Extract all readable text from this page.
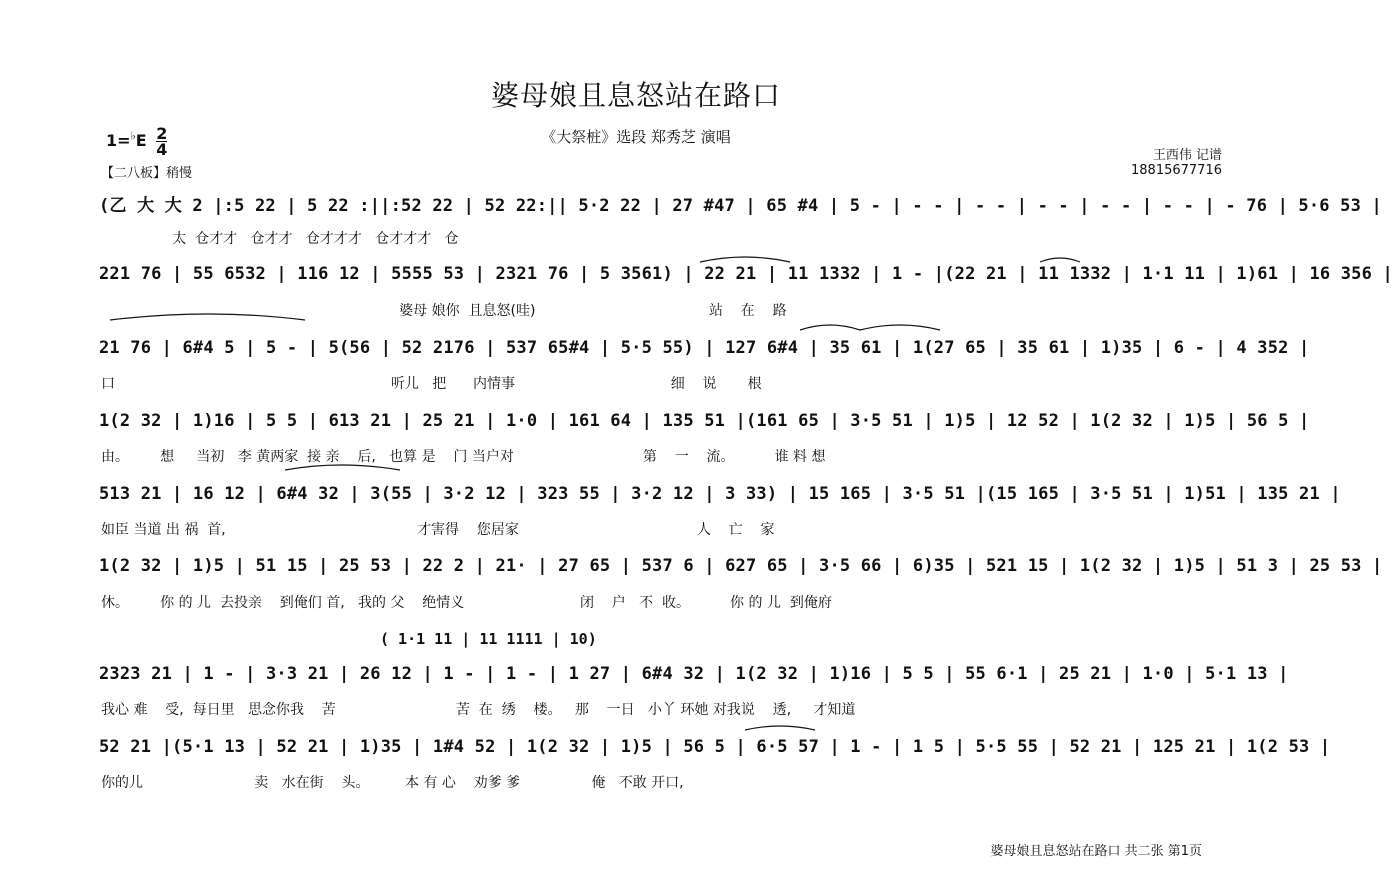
婆母娘且息怒站在路口
《大祭桩》选段 郑秀芝 演唱
$1=^♭E \frac{2}{4}$
【二八板】稍慢
王西伟 记谱
18815677716
(乙 大 大 2 |:5 22 | 5 22 :||:52 22 | 52 22:|| 5·2 22 | 27 #47 | 65 #4 | 5 - | - - | - - | - - | - - | - - | - 76 | 5·6 53 |
太  仓才才   仓才才   仓才才才   仓才才才   仓
221 76 | 55 6532 | 116 12 | 5555 53 | 2321 76 | 5 3561) | 22 21 | 11 1332 | 1 - |(22 21 | 11 1332 | 1·1 11 | 1)61 | 16 356 |
婆母 娘你  且息怒(哇)                                       站    在    路
21 76 | 6#4 5 | 5 - | 5(56 | 52 2176 | 537 65#4 | 5·5 55) | 127 6#4 | 35 61 | 1(27 65 | 35 61 | 1)35 | 6 - | 4 352 |
口                                                              听儿   把      内情事                                   细    说       根
1(2 32 | 1)16 | 5 5 | 613 21 | 25 21 | 1·0 | 161 64 | 135 51 |(161 65 | 3·5 51 | 1)5 | 12 52 | 1(2 32 | 1)5 | 56 5 |
由。       想     当初   李 黄两家  接 亲    后,   也算 是    门 当户对                             第    一    流。         谁 料 想
513 21 | 16 12 | 6#4 32 | 3(55 | 3·2 12 | 323 55 | 3·2 12 | 3 33) | 15 165 | 3·5 51 |(15 165 | 3·5 51 | 1)51 | 135 21 |
如臣 当道 出 祸  首,                                           才害得    您居家                                        人    亡    家
1(2 32 | 1)5 | 51 15 | 25 53 | 22 2 | 21· | 27 65 | 537 6 | 627 65 | 3·5 66 | 6)35 | 521 15 | 1(2 32 | 1)5 | 51 3 | 25 53 |
休。       你 的 儿  去投亲    到俺们 首,   我的 父    绝情义                          闭    户   不  收。         你 的 儿  到俺府
( 1·1 11 | 11 1111 | 10)
2323 21 | 1 - | 3·3 21 | 26 12 | 1 - | 1 - | 1 27 | 6#4 32 | 1(2 32 | 1)16 | 5 5 | 55 6·1 | 25 21 | 1·0 | 5·1 13 |
我心 难    受,  每日里   思念你我    苦                           苦  在  绣    楼。   那    一日   小丫 环她 对我说    透,     才知道
52 21 |(5·1 13 | 52 21 | 1)35 | 1#4 52 | 1(2 32 | 1)5 | 56 5 | 6·5 57 | 1 - | 1 5 | 5·5 55 | 52 21 | 125 21 | 1(2 53 |
你的儿                         卖   水在街    头。        本 有 心    劝爹 爹                俺   不敢 开口,
婆母娘且息怒站在路口 共二张 第1页
